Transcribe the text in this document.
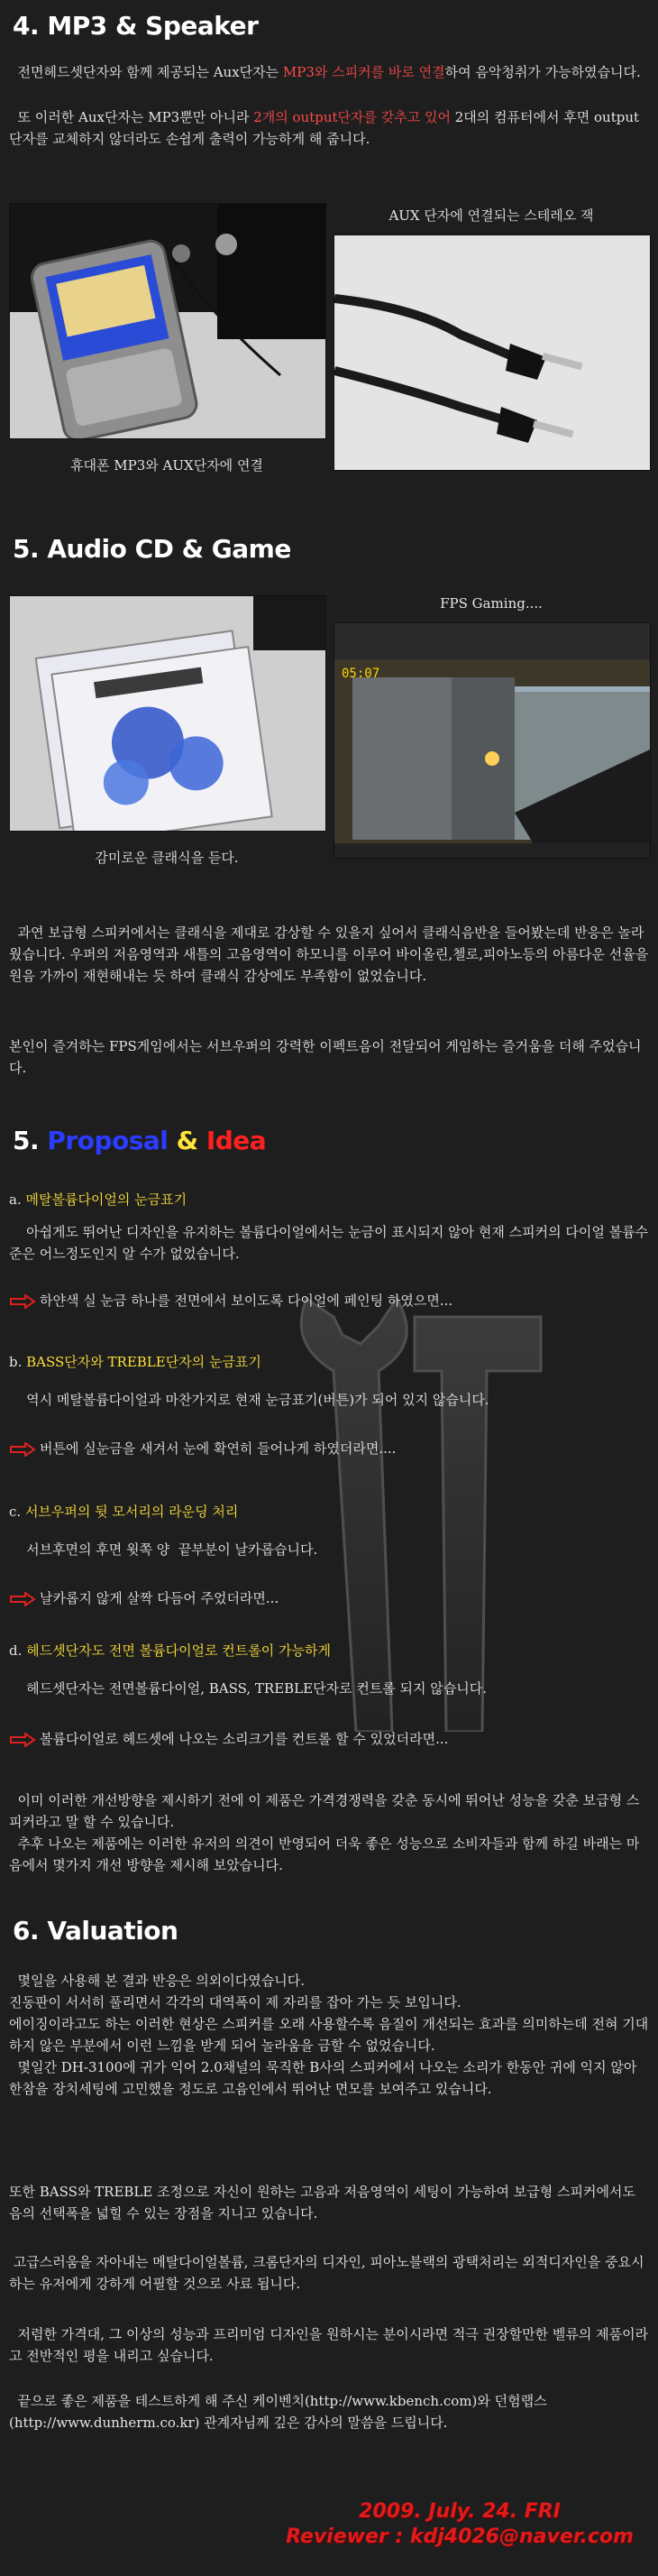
4. MP3 & Speaker

전면헤드셋단자와 함께 제공되는 Aux단자는 MP3와 스피커를 바로 연결하여 음악청취가 가능하였습니다.

또 이러한 Aux단자는 MP3뿐만 아니라 2개의 output단자를 갖추고 있어 2대의 컴퓨터에서 후면 output단자를 교체하지 않더라도 손쉽게 출력이 가능하게 해 줍니다.

휴대폰 MP3와 AUX단자에 연결

AUX 단자에 연결되는 스테레오 잭

5. Audio CD & Game

감미로운 클래식을 듣다.

FPS Gaming....

05:07

과연 보급형 스피커에서는 클래식을 제대로 감상할 수 있을지 싶어서 클래식음반을 들어봤는데 반응은 놀라웠습니다. 우퍼의 저음영역과 새틀의 고음영역이 하모니를 이루어 바이올린,첼로,피아노등의 아름다운 선율을 원음 가까이 재현해내는 듯 하여 클래식 감상에도 부족함이 없었습니다.

본인이 즐겨하는 FPS게임에서는 서브우퍼의 강력한 이펙트음이 전달되어 게임하는 즐거움을 더해 주었습니다.

5. Proposal & Idea

a. 메탈볼륨다이얼의 눈금표기

아쉽게도 뛰어난 디자인을 유지하는 볼륨다이얼에서는 눈금이 표시되지 않아 현재 스피커의 다이얼 볼륨수준은 어느정도인지 알 수가 없었습니다.

하얀색 실 눈금 하나를 전면에서 보이도록 다이얼에 페인팅 하였으면...

b. BASS단자와 TREBLE단자의 눈금표기

역시 메탈볼륨다이얼과 마찬가지로 현재 눈금표기(버튼)가 되어 있지 않습니다.

버튼에 실눈금을 새겨서 눈에 확연히 들어나게 하였더라면....

c. 서브우퍼의 뒷 모서리의 라운딩 처리

서브후면의 후면 윗쪽 양  끝부분이 날카롭습니다.

날카롭지 않게 살짝 다듬어 주었더라면...

d. 헤드셋단자도 전면 볼륨다이얼로 컨트롤이 가능하게

헤드셋단자는 전면볼륨다이얼, BASS, TREBLE단자로 컨트롤 되지 않습니다.

볼륨다이얼로 헤드셋에 나오는 소리크기를 컨트롤 할 수 있었더라면...

이미 이러한 개선방향을 제시하기 전에 이 제품은 가격경쟁력을 갖춘 동시에 뛰어난 성능을 갖춘 보급형 스피커라고 말 할 수 있습니다.
추후 나오는 제품에는 이러한 유저의 의견이 반영되어 더욱 좋은 성능으로 소비자들과 함께 하길 바래는 마음에서 몇가지 개선 방향을 제시해 보았습니다.

6. Valuation

몇일을 사용해 본 결과 반응은 의외이다였습니다.
진동판이 서서히 풀리면서 각각의 대역폭이 제 자리를 잡아 가는 듯 보입니다.
에이징이라고도 하는 이러한 현상은 스피커를 오래 사용할수록 음질이 개선되는 효과를 의미하는데 전혀 기대하지 않은 부분에서 이런 느낌을 받게 되어 놀라움을 금할 수 없었습니다.
몇일간 DH-3100에 귀가 익어 2.0채널의 묵직한 B사의 스피커에서 나오는 소리가 한동안 귀에 익지 않아 한참을 장치세팅에 고민했을 정도로 고음인에서 뛰어난 면모를 보여주고 있습니다.

또한 BASS와 TREBLE 조정으로 자신이 원하는 고음과 저음영역이 세팅이 가능하여 보급형 스피커에서도 음의 선택폭을 넓힐 수 있는 장점을 지니고 있습니다.

고급스러움을 자아내는 메탈다이얼볼륨, 크롬단자의 디자인, 피아노블랙의 광택처리는 외적디자인을 중요시하는 유저에게 강하게 어필할 것으로 사료 됩니다.

저렴한 가격대, 그 이상의 성능과 프리미엄 디자인을 원하시는 분이시라면 적극 권장할만한 벨류의 제품이라고 전반적인 평을 내리고 싶습니다.

끝으로 좋은 제품을 테스트하게 해 주신 케이벤치(http://www.kbench.com)와 던험랩스(http://www.dunherm.co.kr) 관계자님께 깊은 감사의 말씀을 드립니다.

2009. July. 24. FRI

Reviewer : kdj4026@naver.com
